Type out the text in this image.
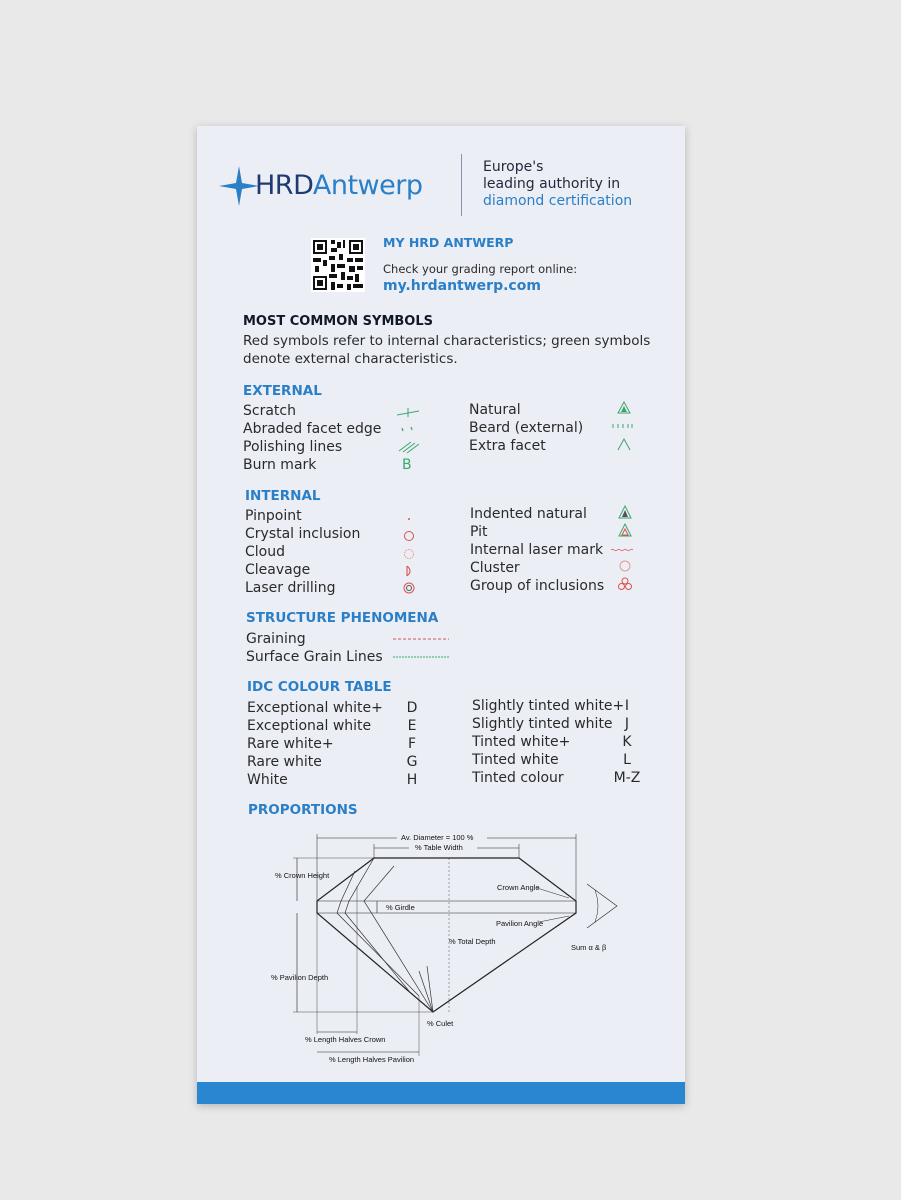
HRDAntwerp
Europe's
leading authority in
diamond certification
MY HRD ANTWERP
Check your grading report online:
my.hrdantwerp.com
MOST COMMON SYMBOLS
Red symbols refer to internal characteristics; green symbols denote external characteristics.
EXTERNAL
Scratch
Abraded facet edge
Polishing lines
Burn mark	B
Natural
Beard (external)
Extra facet
INTERNAL
Pinpoint
Crystal inclusion
Cloud
Cleavage
Laser drilling
Indented natural
Pit
Internal laser mark
Cluster
Group of inclusions
STRUCTURE PHENOMENA
Graining
Surface Grain Lines
IDC COLOUR TABLE
Exceptional white+
Exceptional white
Rare white+
Rare white
White
D
E
F
G
H
Slightly tinted white+
Slightly tinted white
Tinted white+
Tinted white
Tinted colour
I
J
K
L
M-Z
PROPORTIONS
Av. Diameter = 100 %
% Table Width
% Crown Height
% Girdle
Crown Angle
Pavilion Angle
Sum α & β
% Total Depth
% Pavilion Depth
% Culet
% Length Halves Crown
% Length Halves Pavilion
